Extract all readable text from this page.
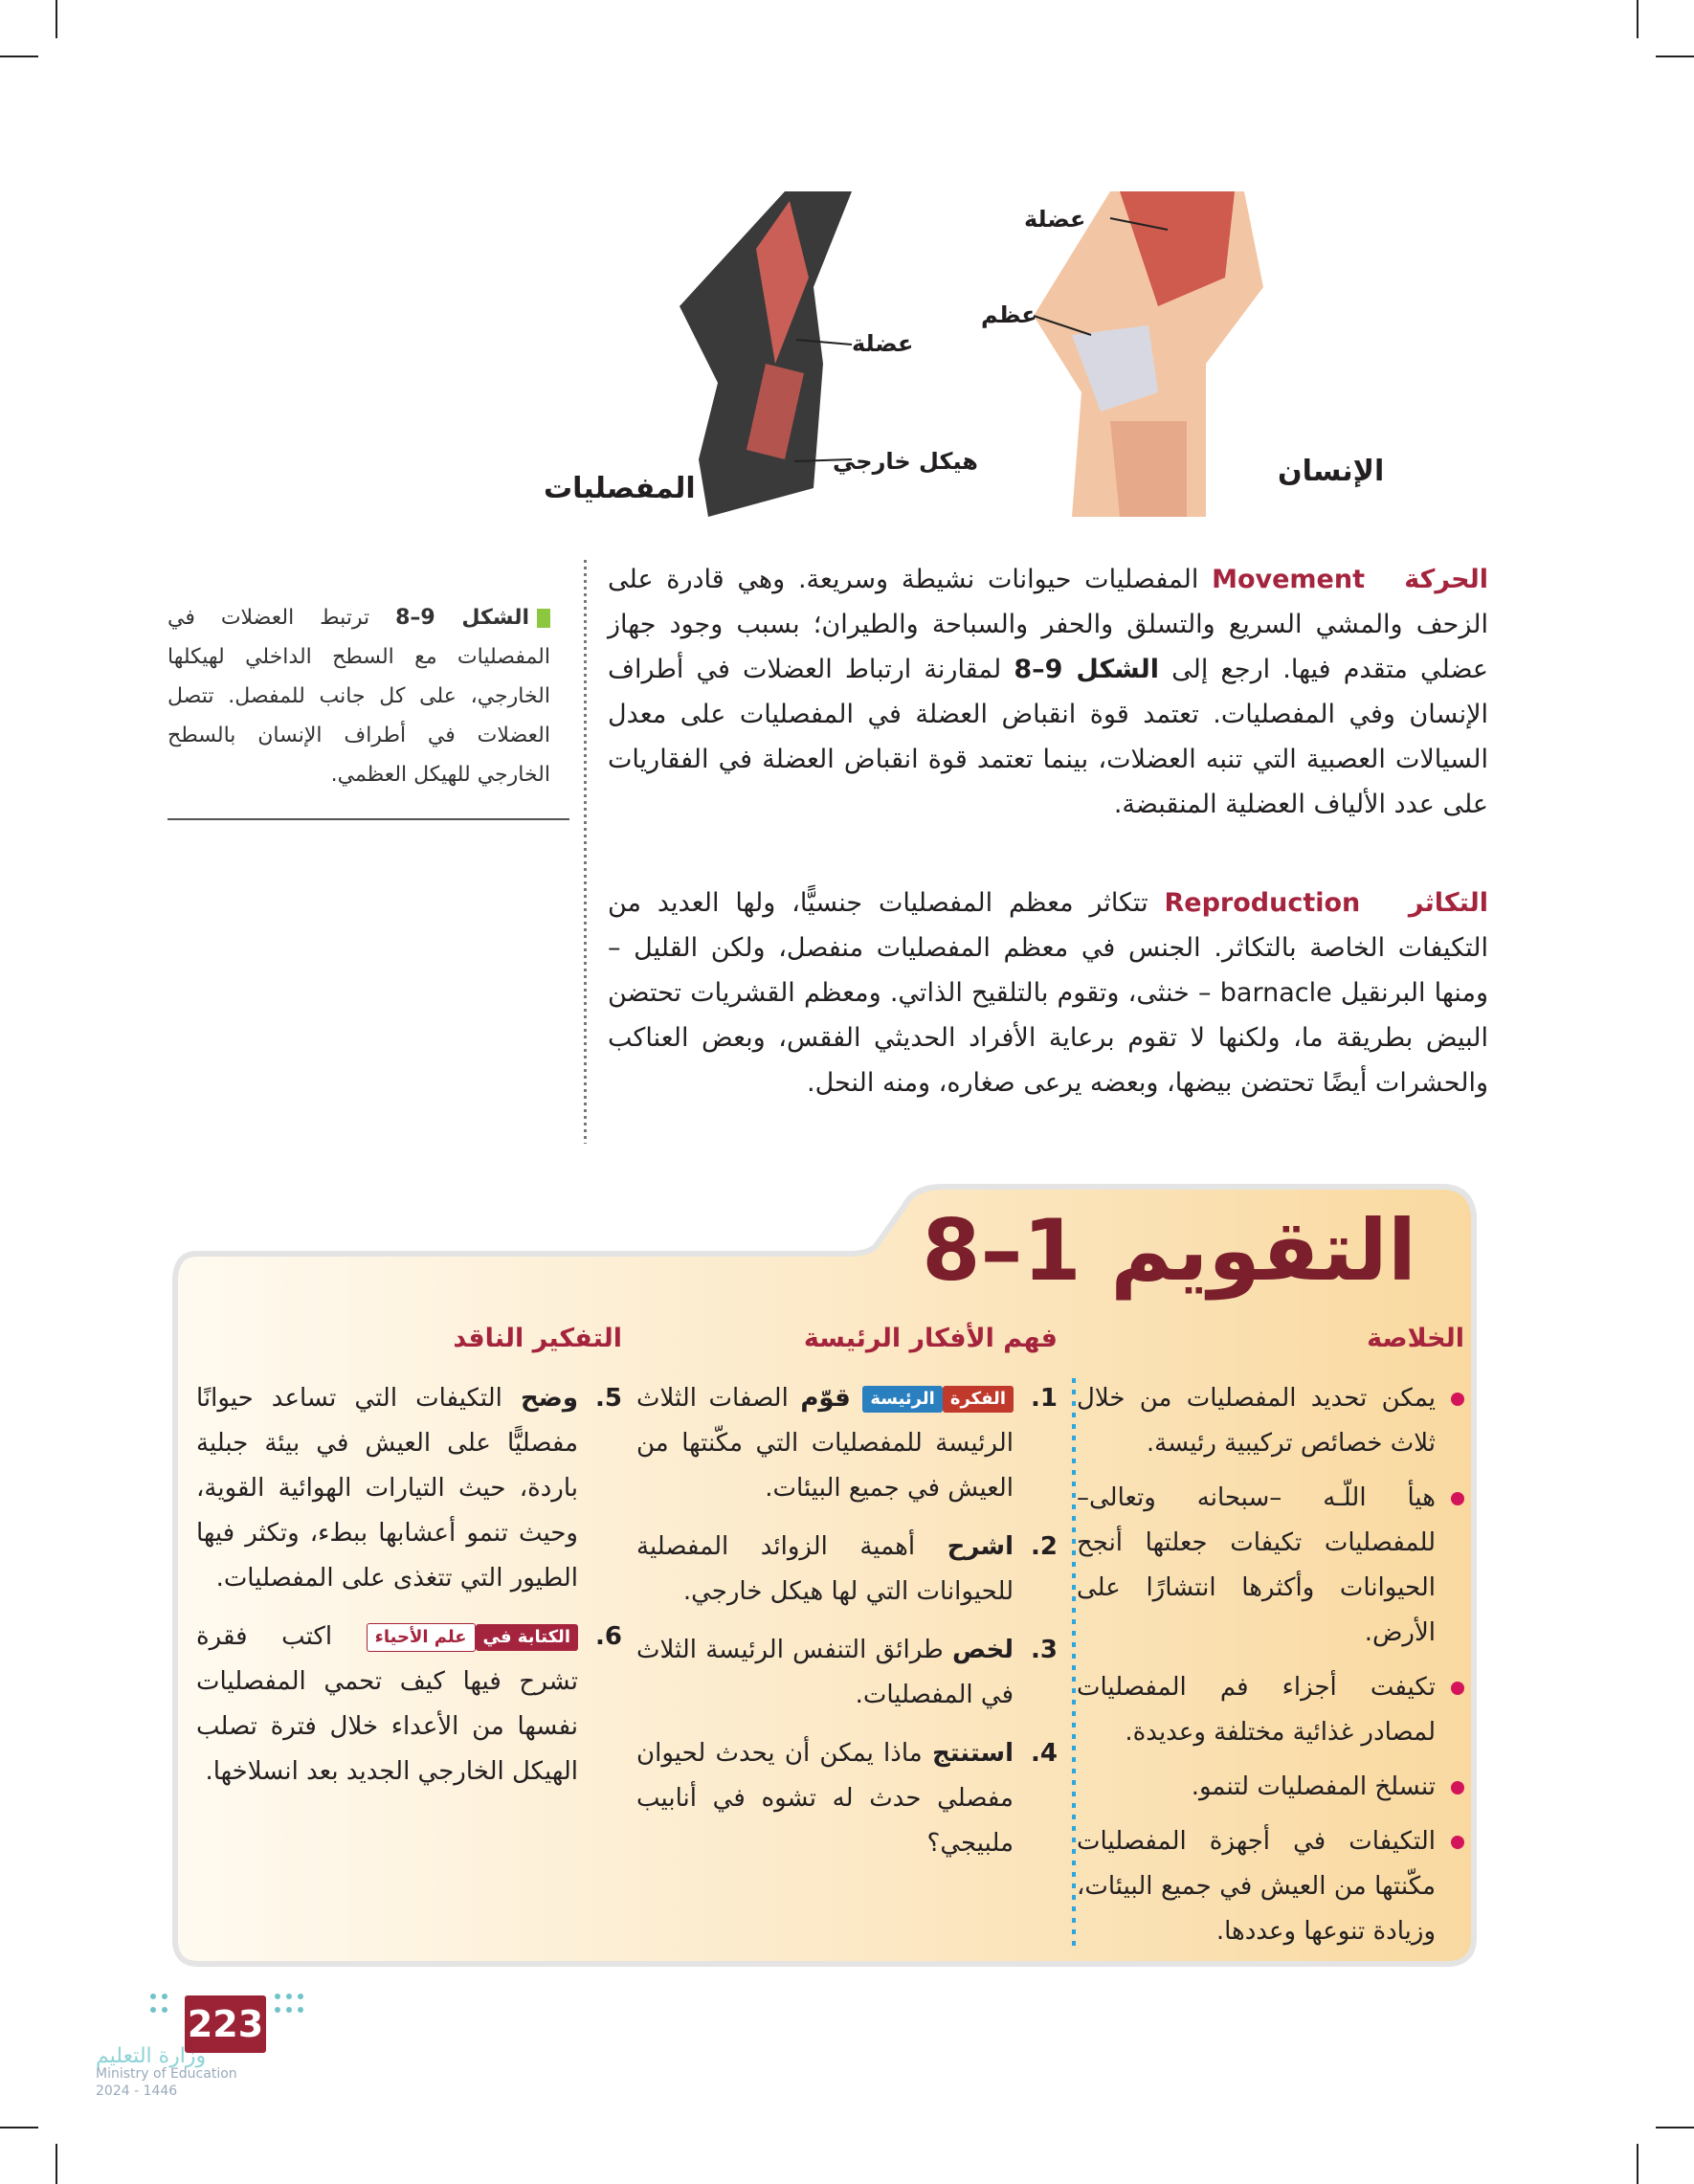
عضلة
هيكل خارجي
عضلة
عظم
المفصليات
الإنسان
الشكل 9–8 ترتبط العضلات في المفصليات مع السطح الداخلي لهيكلها الخارجي، على كل جانب للمفصل. تتصل العضلات في أطراف الإنسان بالسطح الخارجي للهيكل العظمي.
الحركة   Movement المفصليات حيوانات نشيطة وسريعة. وهي قادرة على الزحف والمشي السريع والتسلق والحفر والسباحة والطيران؛ بسبب وجود جهاز عضلي متقدم فيها. ارجع إلى الشكل 9–8 لمقارنة ارتباط العضلات في أطراف الإنسان وفي المفصليات. تعتمد قوة انقباض العضلة في المفصليات على معدل السيالات العصبية التي تنبه العضلات، بينما تعتمد قوة انقباض العضلة في الفقاريات على عدد الألياف العضلية المنقبضة.
التكاثر   Reproduction تتكاثر معظم المفصليات جنسيًّا، ولها العديد من التكيفات الخاصة بالتكاثر. الجنس في معظم المفصليات منفصل، ولكن القليل –ومنها البرنقيل barnacle – خنثى، وتقوم بالتلقيح الذاتي. ومعظم القشريات تحتضن البيض بطريقة ما، ولكنها لا تقوم برعاية الأفراد الحديثي الفقس، وبعض العناكب والحشرات أيضًا تحتضن بيضها، وبعضه يرعى صغاره، ومنه النحل.
التقويم 1–8
الخلاصة
يمكن تحديد المفصليات من خلال ثلاث خصائص تركيبية رئيسة.
هيأ اللّـه –سبحانه وتعالى– للمفصليات تكيفات جعلتها أنجح الحيوانات وأكثرها انتشارًا على الأرض.
تكيفت أجزاء فم المفصليات لمصادر غذائية مختلفة وعديدة.
تنسلخ المفصليات لتنمو.
التكيفات في أجهزة المفصليات مكّنتها من العيش في جميع البيئات، وزيادة تنوعها وعددها.
فهم الأفكار الرئيسة
1.
الفكرةالرئيسة قوّم الصفات الثلاث الرئيسة للمفصليات التي مكّنتها من العيش في جميع البيئات.
2.
اشرح أهمية الزوائد المفصلية للحيوانات التي لها هيكل خارجي.
3.
لخص طرائق التنفس الرئيسة الثلاث في المفصليات.
4.
استنتج ماذا يمكن أن يحدث لحيوان مفصلي حدث له تشوه في أنابيب ملبيجي؟
التفكير الناقد
5.
وضح التكيفات التي تساعد حيوانًا مفصليًّا على العيش في بيئة جبلية باردة، حيث التيارات الهوائية القوية، وحيث تنمو أعشابها ببطء، وتكثر فيها الطيور التي تتغذى على المفصليات.
6.
الكتابة فيعلم الأحياء اكتب فقرة تشرح فيها كيف تحمي المفصليات نفسها من الأعداء خلال فترة تصلب الهيكل الخارجي الجديد بعد انسلاخها.
223
وزارة التعليم
Ministry of Education
2024 - 1446
